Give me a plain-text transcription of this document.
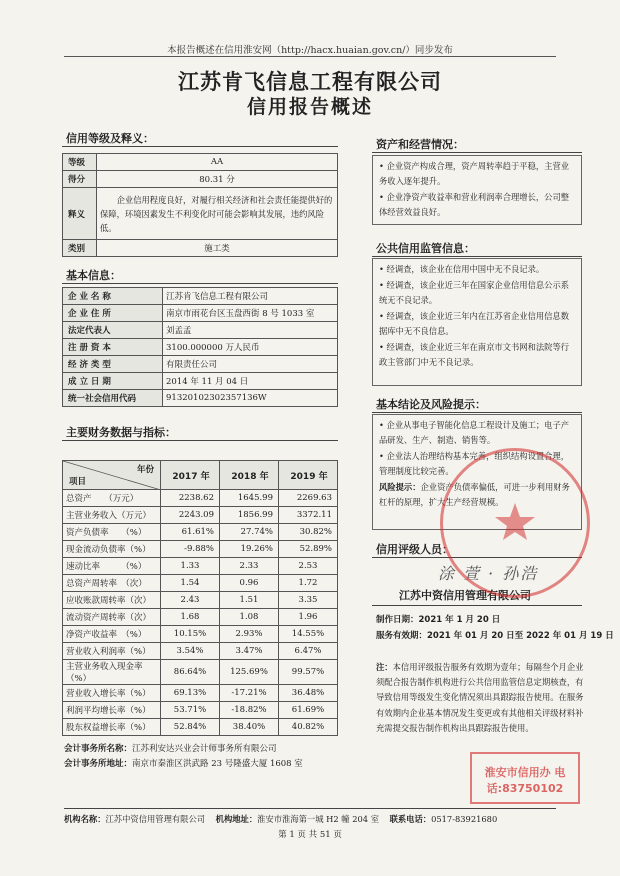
本报告概述在信用淮安网（http://hacx.huaian.gov.cn/）同步发布
江苏肯飞信息工程有限公司
信用报告概述
信用等级及释义：
等级	AA
得分	80.31 分
释义	企业信用程度良好，对履行相关经济和社会责任能提供好的保障，环境因素发生不利变化时可能会影响其发展，违约风险低。
类别	施工类
基本信息：
企 业 名 称	江苏肯飞信息工程有限公司
企 业 住 所	南京市雨花台区玉盘西街 8 号 1033 室
法定代表人	刘孟孟
注 册 资 本	3100.000000 万人民币
经 济 类 型	有限责任公司
成 立 日 期	2014 年 11 月 04 日
统一社会信用代码	91320102302357136W
主要财务数据与指标：
年份
项目	2017 年	2018 年	2019 年
总资产　　（万元）	2238.62	1645.99	2269.63
主营业务收入（万元）	2243.09	1856.99	3372.11
资产负债率　　（%）	61.61%	27.74%	30.82%
现金流动负债率（%）	-9.88%	19.26%	52.89%
速动比率　　　（%）	1.33	2.33	2.53
总资产周转率　（次）	1.54	0.96	1.72
应收账款周转率（次）	2.43	1.51	3.35
流动资产周转率（次）	1.68	1.08	1.96
净资产收益率　（%）	10.15%	2.93%	14.55%
营业收入利润率（%）	3.54%	3.47%	6.47%
主营业务收入现金率（%）	86.64%	125.69%	99.57%
营业收入增长率（%）	69.13%	-17.21%	36.48%
利润平均增长率（%）	53.71%	-18.82%	61.69%
股东权益增长率（%）	52.84%	38.40%	40.82%
会计事务所名称：江苏利安达兴业会计师事务所有限公司
会计事务所地址：南京市秦淮区洪武路 23 号隆盛大厦 1608 室
资产和经营情况：

• 企业资产构成合理，资产周转率趋于平稳，主营业务收入逐年提升。

• 企业净资产收益率和营业利润率合理增长，公司整体经营效益良好。

公共信用监管信息：

• 经调查，该企业在信用中国中无不良记录。

• 经调查，该企业近三年在国家企业信用信息公示系统无不良记录。

• 经调查，该企业近三年内在江苏省企业信用信息数据库中无不良信息。

• 经调查，该企业近三年在南京市文书网和法院等行政主管部门中无不良记录。

基本结论及风险提示：

• 企业从事电子智能化信息工程设计及施工；电子产品研发、生产、制造、销售等。

• 企业法人治理结构基本完善，组织结构设置合理，管理制度比较完善。

风险提示：企业资产负债率偏低，可进一步利用财务杠杆的原理，扩大生产经营规模。

信用评级人员：
涂 萱 · 孙浩
江苏中资信用管理有限公司
制作日期：2021 年 1 月 20 日
服务有效期：2021 年 01 月 20 日至 2022 年 01 月 19 日
注：本信用评级报告服务有效期为壹年；每隔叁个月企业须配合报告制作机构进行公共信用监管信息定期核查，有导致信用等级发生变化情况须出具跟踪报告使用。在服务有效期内企业基本情况发生变更或有其他相关评级材料补充需提交报告制作机构出具跟踪报告使用。
淮安市信用办 电话:83750102
机构名称：江苏中资信用管理有限公司 机构地址：淮安市淮海第一城 H2 幢 204 室 联系电话：0517-83921680
第 1 页 共 51 页
